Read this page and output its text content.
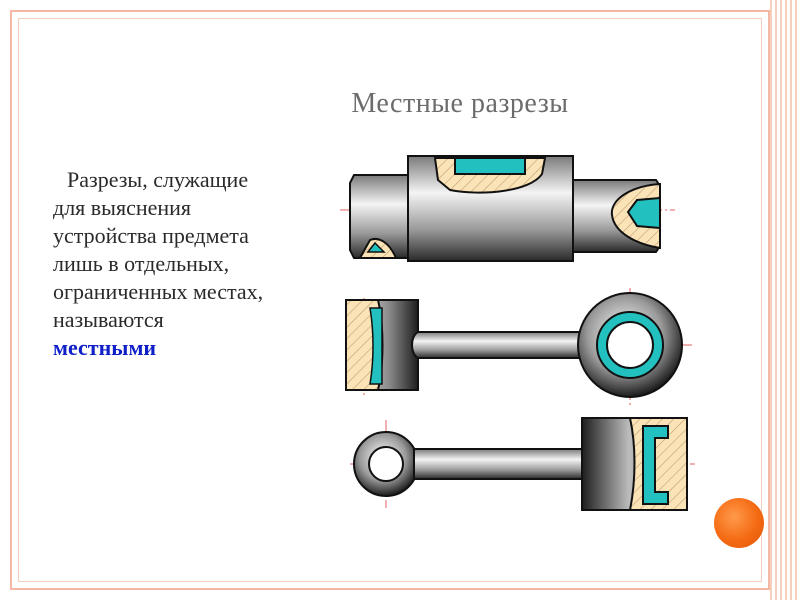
Местные разрезы
Разрезы, служащие
для выяснения
устройства предмета
лишь в отдельных,
ограниченных местах,
называются
местными
